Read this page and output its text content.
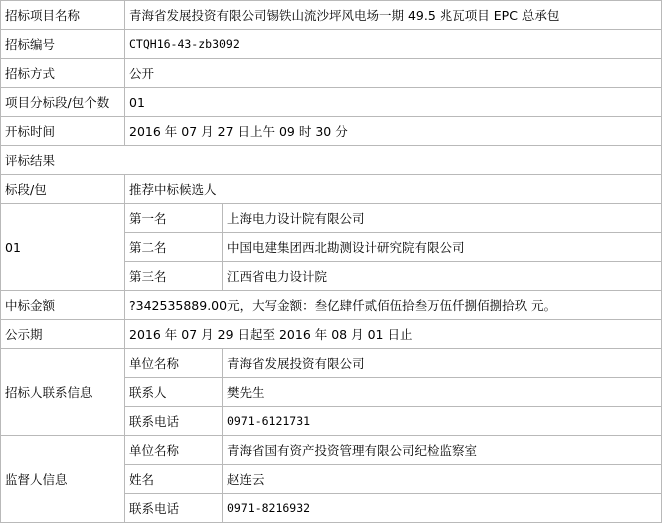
招标项目名称	青海省发展投资有限公司锡铁山流沙坪风电场一期 49.5 兆瓦项目 EPC 总承包	
招标编号	CTQH16-43-zb3092	
招标方式	公开	
项目分标段/包个数	01	
开标时间	2016 年 07 月 27 日上午 09 时 30 分	
评标结果		
标段/包	推荐中标候选人	
01	第一名	上海电力设计院有限公司
	第二名	中国电建集团西北勘测设计研究院有限公司
	第三名	江西省电力设计院
中标金额	?342535889.00元，大写金额：叁亿肆仟贰佰伍拾叁万伍仟捌佰捌拾玖 元。	
公示期	2016 年 07 月 29 日起至 2016 年 08 月 01 日止	
招标人联系信息	单位名称	青海省发展投资有限公司
	联系人	樊先生
	联系电话	0971-6121731
监督人信息	单位名称	青海省国有资产投资管理有限公司纪检监察室
	姓名	赵连云
	联系电话	0971-8216932
